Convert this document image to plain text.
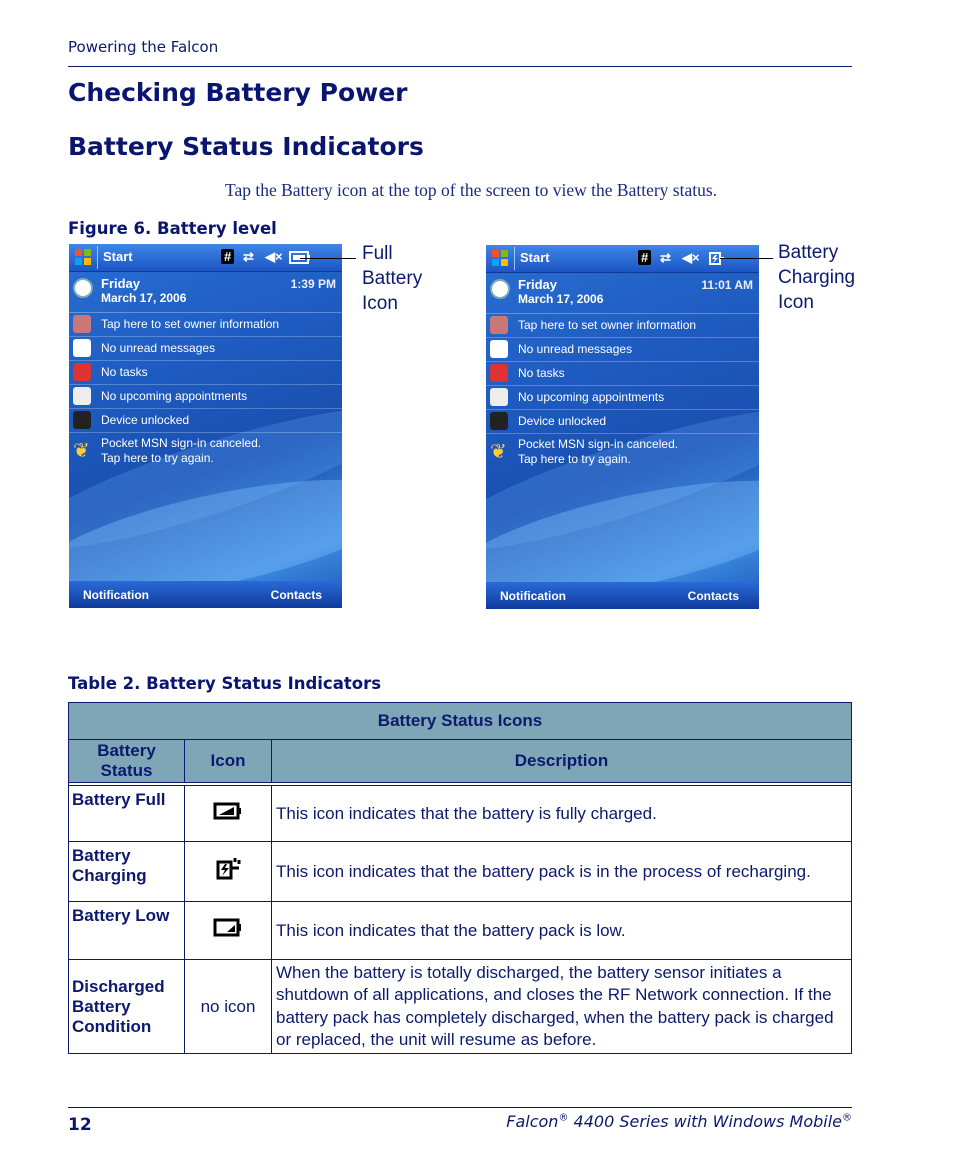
Powering the Falcon
Checking Battery Power
Battery Status Indicators
Tap the Battery icon at the top of the screen to view the Battery status.
Figure 6. Battery level
Start	# ⇄ ◀×
Friday
March 17, 2006
1:39 PM
Tap here to set owner information
No unread messages
No tasks
No upcoming appointments
Device unlocked
❦ Pocket MSN sign-in canceled.
Tap here to try again.
Notification	Contacts
Full
Battery
Icon
Start	# ⇄ ◀×
Friday
March 17, 2006
11:01 AM
Tap here to set owner information
No unread messages
No tasks
No upcoming appointments
Device unlocked
❦ Pocket MSN sign-in canceled.
Tap here to try again.
Notification	Contacts
Battery
Charging
Icon
Table 2. Battery Status Indicators
Battery Status Icons		
Battery Status	Icon	Description

Battery Full		This icon indicates that the battery is fully charged.
Battery Charging		This icon indicates that the battery pack is in the process of recharging.
Battery Low		This icon indicates that the battery pack is low.
Discharged Battery Condition	no icon	When the battery is totally discharged, the battery sensor initiates a shutdown of all applications, and closes the RF Network connection. If the battery pack has completely discharged, when the battery pack is charged or replaced, the unit will resume as before.
12	Falcon® 4400 Series with Windows Mobile®
